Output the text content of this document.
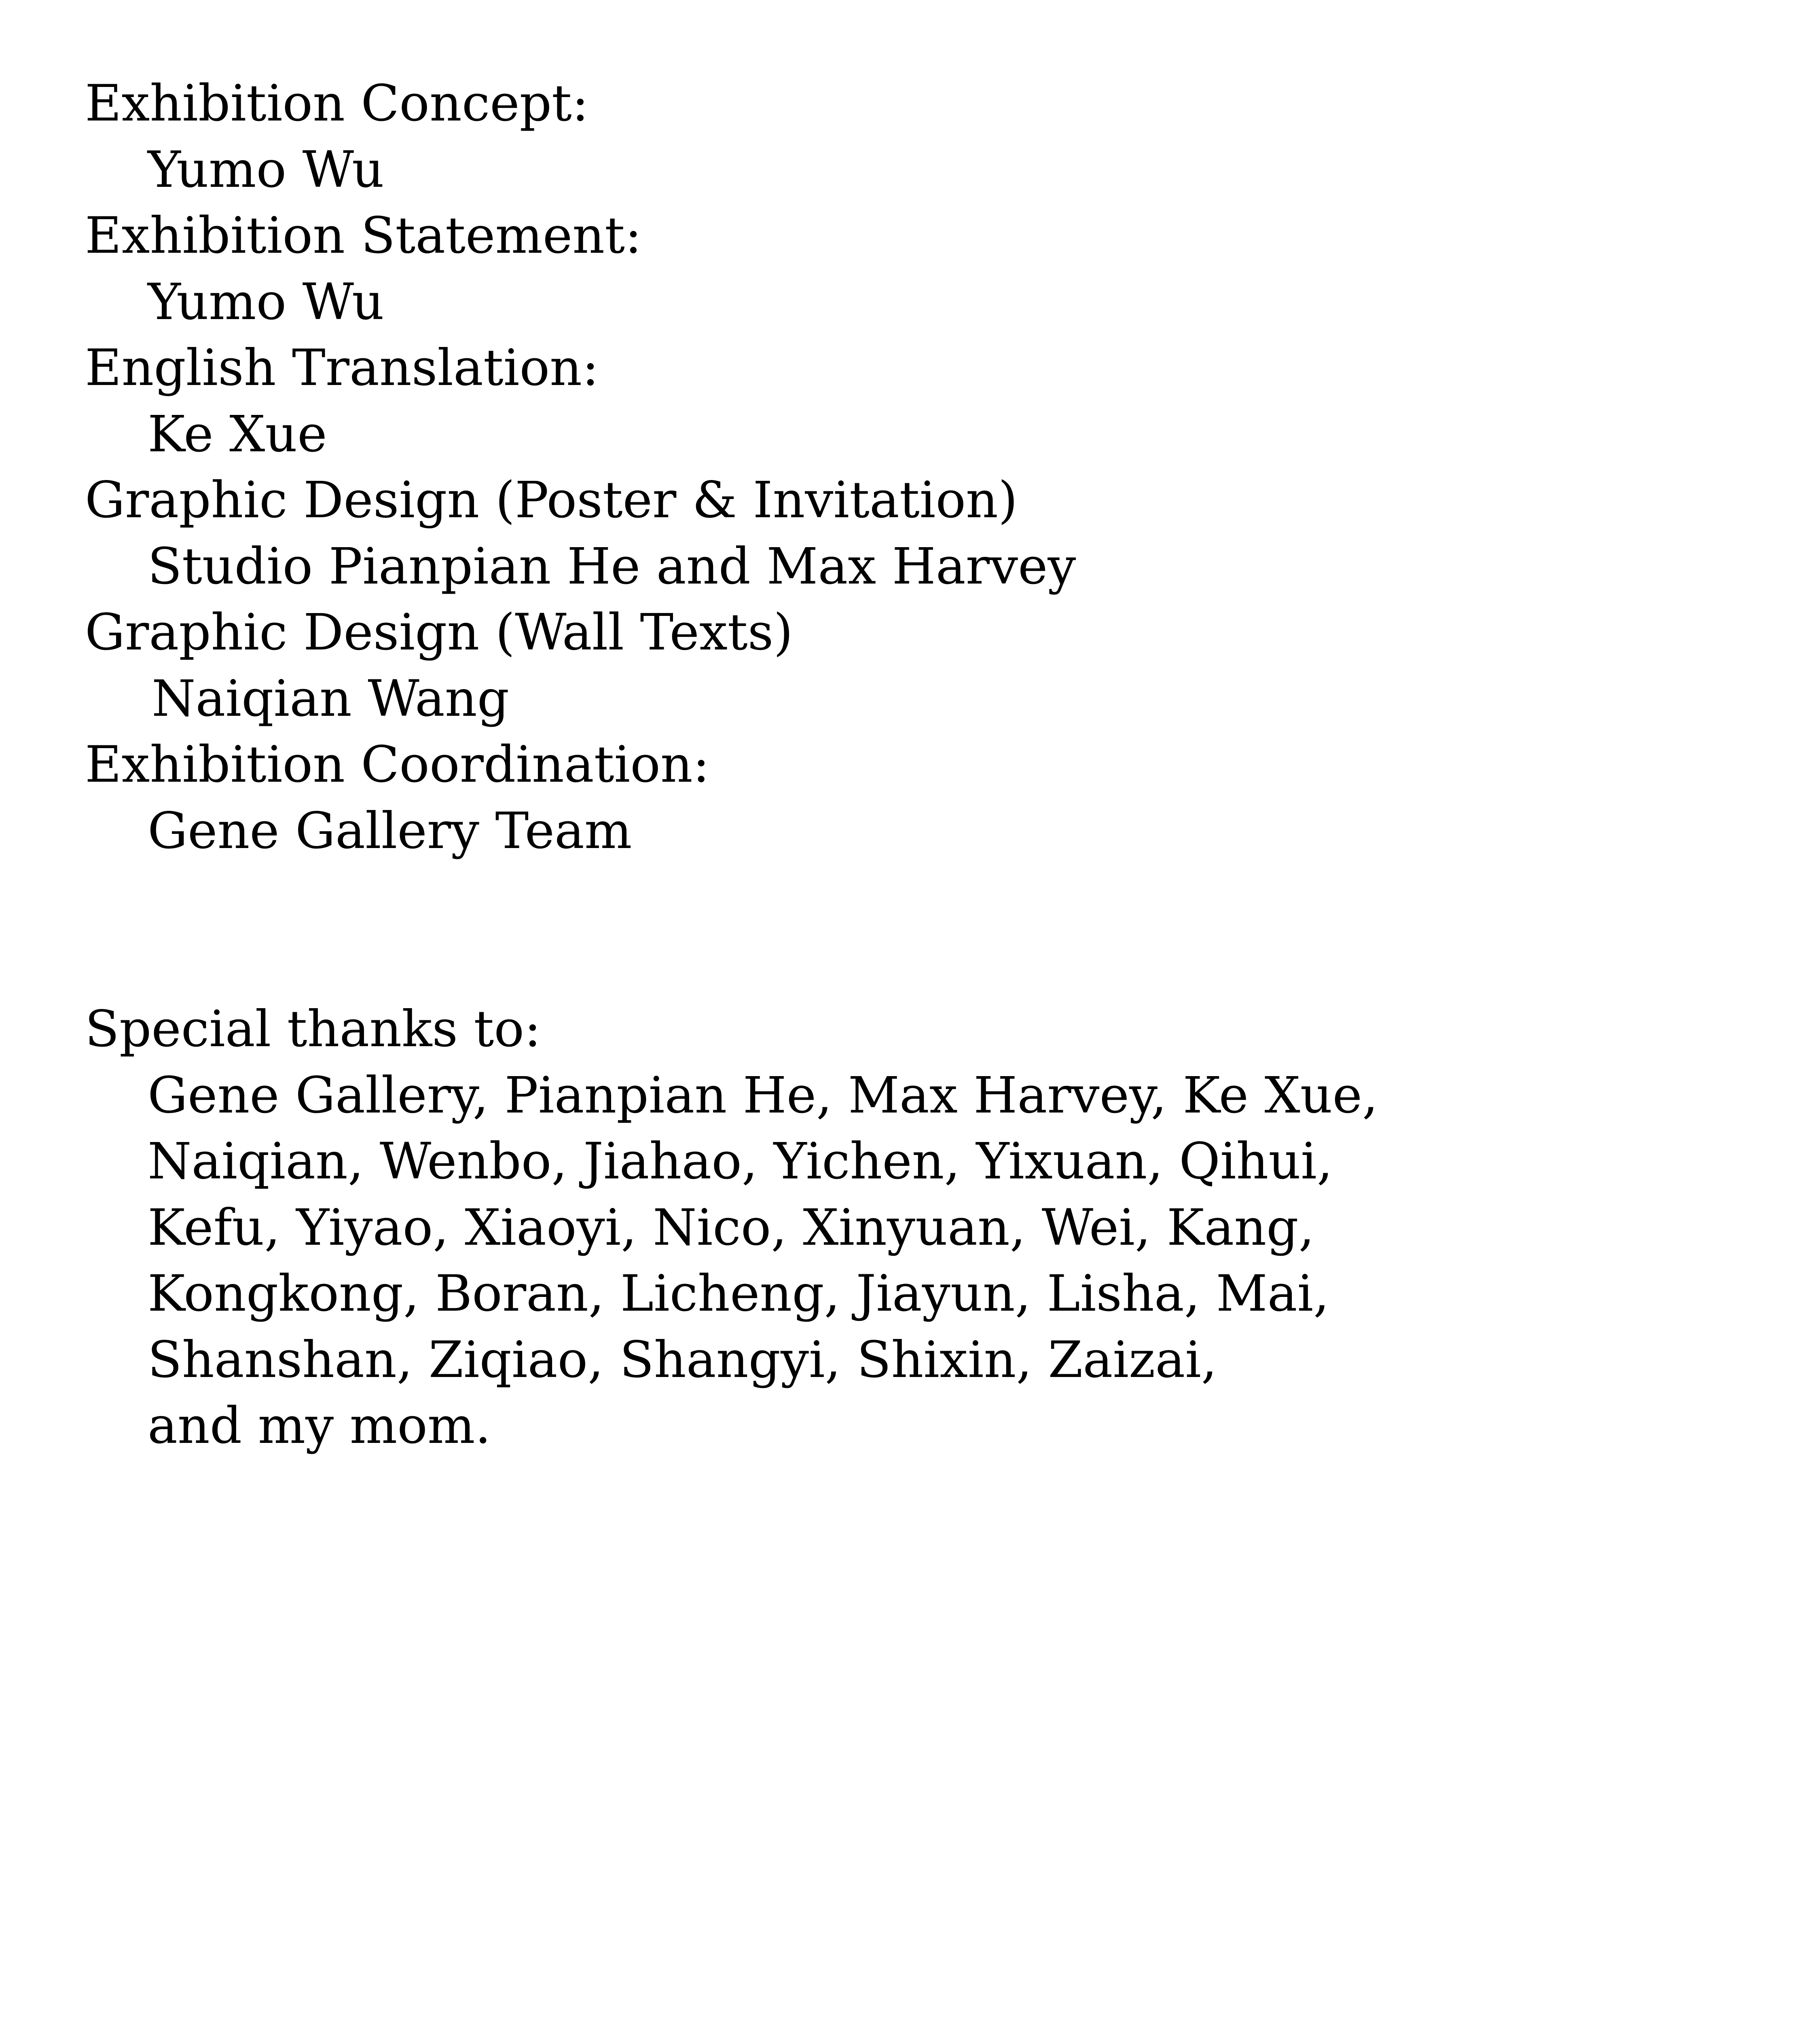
Exhibition Concept:
Yumo Wu
Exhibition Statement:
Yumo Wu
English Translation:
Ke Xue
Graphic Design (Poster & Invitation)
Studio Pianpian He and Max Harvey
Graphic Design (Wall Texts)
Naiqian Wang
Exhibition Coordination:
Gene Gallery Team
Special thanks to:
Gene Gallery, Pianpian He, Max Harvey, Ke Xue,
Naiqian, Wenbo, Jiahao, Yichen, Yixuan, Qihui,
Kefu, Yiyao, Xiaoyi, Nico, Xinyuan, Wei, Kang,
Kongkong, Boran, Licheng, Jiayun, Lisha, Mai,
Shanshan, Ziqiao, Shangyi, Shixin, Zaizai,
and my mom.
